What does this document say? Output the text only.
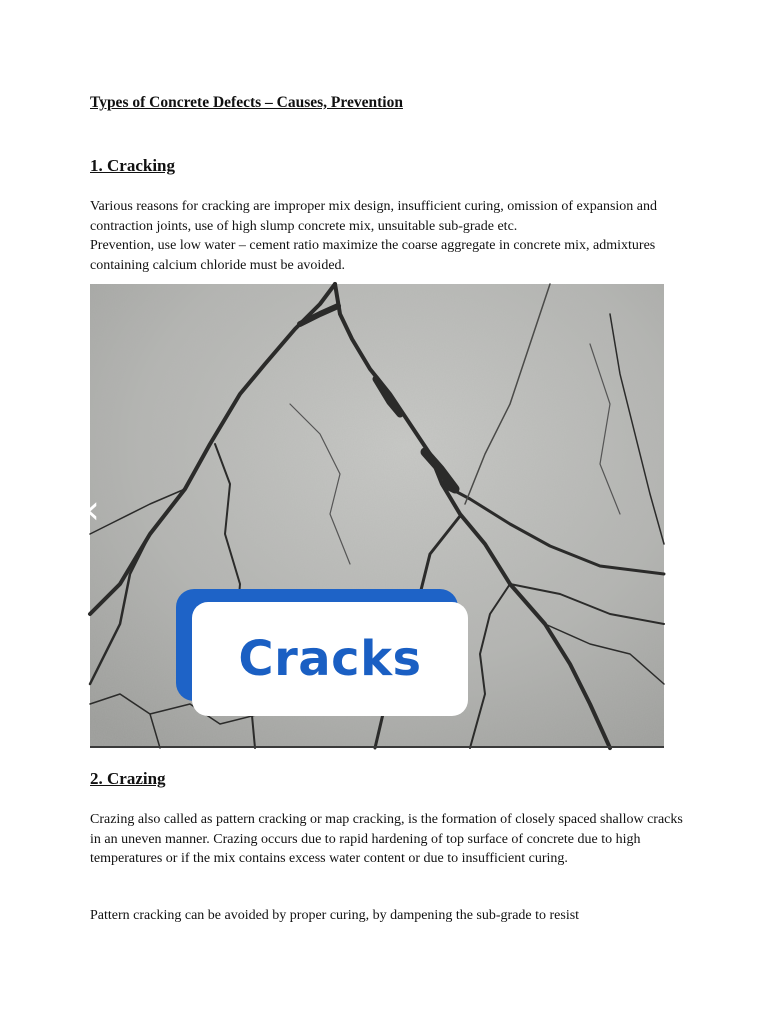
Types of Concrete Defects – Causes, Prevention
1. Cracking

Various reasons for cracking are improper mix design, insufficient curing, omission of expansion and contraction joints, use of high slump concrete mix, unsuitable sub-grade etc.
Prevention, use low water – cement ratio maximize the coarse aggregate in concrete mix, admixtures containing calcium chloride must be avoided.

‹
Cracks
2. Crazing

Crazing also called as pattern cracking or map cracking, is the formation of closely spaced shallow cracks in an uneven manner. Crazing occurs due to rapid hardening of top surface of concrete due to high temperatures or if the mix contains excess water content or due to insufficient curing.

Pattern cracking can be avoided by proper curing, by dampening the sub-grade to resist
